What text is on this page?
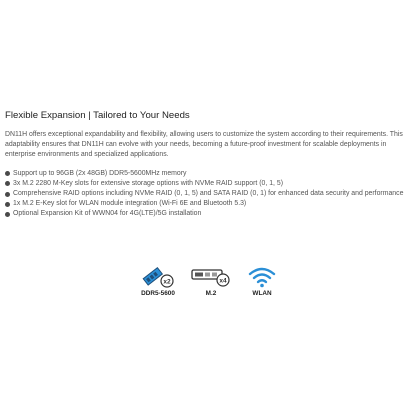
Flexible Expansion | Tailored to Your Needs

DN11H offers exceptional expandability and flexibility, allowing users to customize the system according to their requirements. This adaptability ensures that DN11H can evolve with your needs, becoming a future-proof investment for scalable deployments in enterprise environments and specialized applications.

Support up to 96GB (2x 48GB) DDR5-5600MHz memory
3x M.2 2280 M-Key slots for extensive storage options with NVMe RAID support (0, 1, 5)
Comprehensive RAID options including NVMe RAID (0, 1, 5) and SATA RAID (0, 1) for enhanced data security and performance
1x M.2 E-Key slot for WLAN module integration (Wi-Fi 6E and Bluetooth 5.3)
Optional Expansion Kit of WWN04 for 4G(LTE)/5G installation
x2
DDR5-5600
x4
M.2	WLAN
